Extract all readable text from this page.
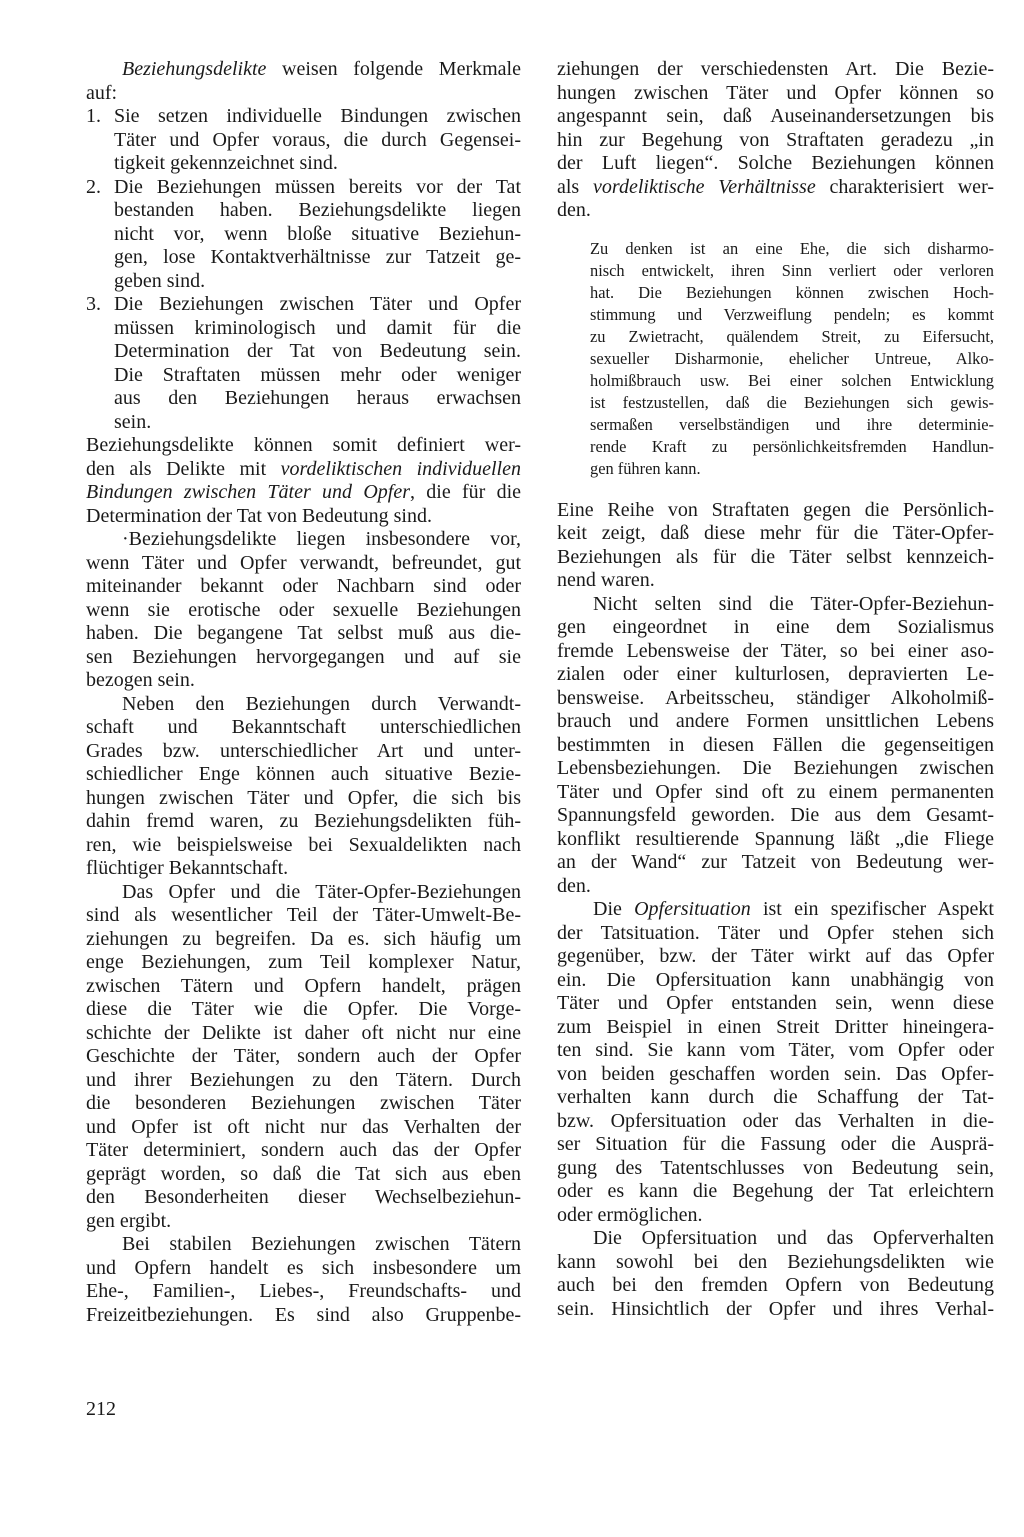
Beziehungsdelikte weisen folgende Merkmale
auf:
1. Sie setzen individuelle Bindungen zwischen
Täter und Opfer voraus, die durch Gegensei-
tigkeit gekennzeichnet sind.
2. Die Beziehungen müssen bereits vor der Tat
bestanden haben. Beziehungsdelikte liegen
nicht vor, wenn bloße situative Beziehun-
gen, lose Kontaktverhältnisse zur Tatzeit ge-
geben sind.
3. Die Beziehungen zwischen Täter und Opfer
müssen kriminologisch und damit für die
Determination der Tat von Bedeutung sein.
Die Straftaten müssen mehr oder weniger
aus den Beziehungen heraus erwachsen
sein.
Beziehungsdelikte können somit definiert wer-
den als Delikte mit vordeliktischen individuellen
Bindungen zwischen Täter und Opfer, die für die
Determination der Tat von Bedeutung sind.
·Beziehungsdelikte liegen insbesondere vor,
wenn Täter und Opfer verwandt, befreundet, gut
miteinander bekannt oder Nachbarn sind oder
wenn sie erotische oder sexuelle Beziehungen
haben. Die begangene Tat selbst muß aus die-
sen Beziehungen hervorgegangen und auf sie
bezogen sein.
Neben den Beziehungen durch Verwandt-
schaft und Bekanntschaft unterschiedlichen
Grades bzw. unterschiedlicher Art und unter-
schiedlicher Enge können auch situative Bezie-
hungen zwischen Täter und Opfer, die sich bis
dahin fremd waren, zu Beziehungsdelikten füh-
ren, wie beispielsweise bei Sexualdelikten nach
flüchtiger Bekanntschaft.
Das Opfer und die Täter-Opfer-Beziehungen
sind als wesentlicher Teil der Täter-Umwelt-Be-
ziehungen zu begreifen. Da es. sich häufig um
enge Beziehungen, zum Teil komplexer Natur,
zwischen Tätern und Opfern handelt, prägen
diese die Täter wie die Opfer. Die Vorge-
schichte der Delikte ist daher oft nicht nur eine
Geschichte der Täter, sondern auch der Opfer
und ihrer Beziehungen zu den Tätern. Durch
die besonderen Beziehungen zwischen Täter
und Opfer ist oft nicht nur das Verhalten der
Täter determiniert, sondern auch das der Opfer
geprägt worden, so daß die Tat sich aus eben
den Besonderheiten dieser Wechselbeziehun-
gen ergibt.
Bei stabilen Beziehungen zwischen Tätern
und Opfern handelt es sich insbesondere um
Ehe-, Familien-, Liebes-, Freundschafts- und
Freizeitbeziehungen. Es sind also Gruppenbe-
ziehungen der verschiedensten Art. Die Bezie-
hungen zwischen Täter und Opfer können so
angespannt sein, daß Auseinandersetzungen bis
hin zur Begehung von Straftaten geradezu „in
der Luft liegen“. Solche Beziehungen können
als vordeliktische Verhältnisse charakterisiert wer-
den.
Zu denken ist an eine Ehe, die sich disharmo-
nisch entwickelt, ihren Sinn verliert oder verloren
hat. Die Beziehungen können zwischen Hoch-
stimmung und Verzweiflung pendeln; es kommt
zu Zwietracht, quälendem Streit, zu Eifersucht,
sexueller Disharmonie, ehelicher Untreue, Alko-
holmißbrauch usw. Bei einer solchen Entwicklung
ist festzustellen, daß die Beziehungen sich gewis-
sermaßen verselbständigen und ihre determinie-
rende Kraft zu persönlichkeitsfremden Handlun-
gen führen kann.
Eine Reihe von Straftaten gegen die Persönlich-
keit zeigt, daß diese mehr für die Täter-Opfer-
Beziehungen als für die Täter selbst kennzeich-
nend waren.
Nicht selten sind die Täter-Opfer-Beziehun-
gen eingeordnet in eine dem Sozialismus
fremde Lebensweise der Täter, so bei einer aso-
zialen oder einer kulturlosen, depravierten Le-
bensweise. Arbeitsscheu, ständiger Alkoholmiß-
brauch und andere Formen unsittlichen Lebens
bestimmten in diesen Fällen die gegenseitigen
Lebensbeziehungen. Die Beziehungen zwischen
Täter und Opfer sind oft zu einem permanenten
Spannungsfeld geworden. Die aus dem Gesamt-
konflikt resultierende Spannung läßt „die Fliege
an der Wand“ zur Tatzeit von Bedeutung wer-
den.
Die Opfersituation ist ein spezifischer Aspekt
der Tatsituation. Täter und Opfer stehen sich
gegenüber, bzw. der Täter wirkt auf das Opfer
ein. Die Opfersituation kann unabhängig von
Täter und Opfer entstanden sein, wenn diese
zum Beispiel in einen Streit Dritter hineingera-
ten sind. Sie kann vom Täter, vom Opfer oder
von beiden geschaffen worden sein. Das Opfer-
verhalten kann durch die Schaffung der Tat-
bzw. Opfersituation oder das Verhalten in die-
ser Situation für die Fassung oder die Ausprä-
gung des Tatentschlusses von Bedeutung sein,
oder es kann die Begehung der Tat erleichtern
oder ermöglichen.
Die Opfersituation und das Opferverhalten
kann sowohl bei den Beziehungsdelikten wie
auch bei den fremden Opfern von Bedeutung
sein. Hinsichtlich der Opfer und ihres Verhal-
212
